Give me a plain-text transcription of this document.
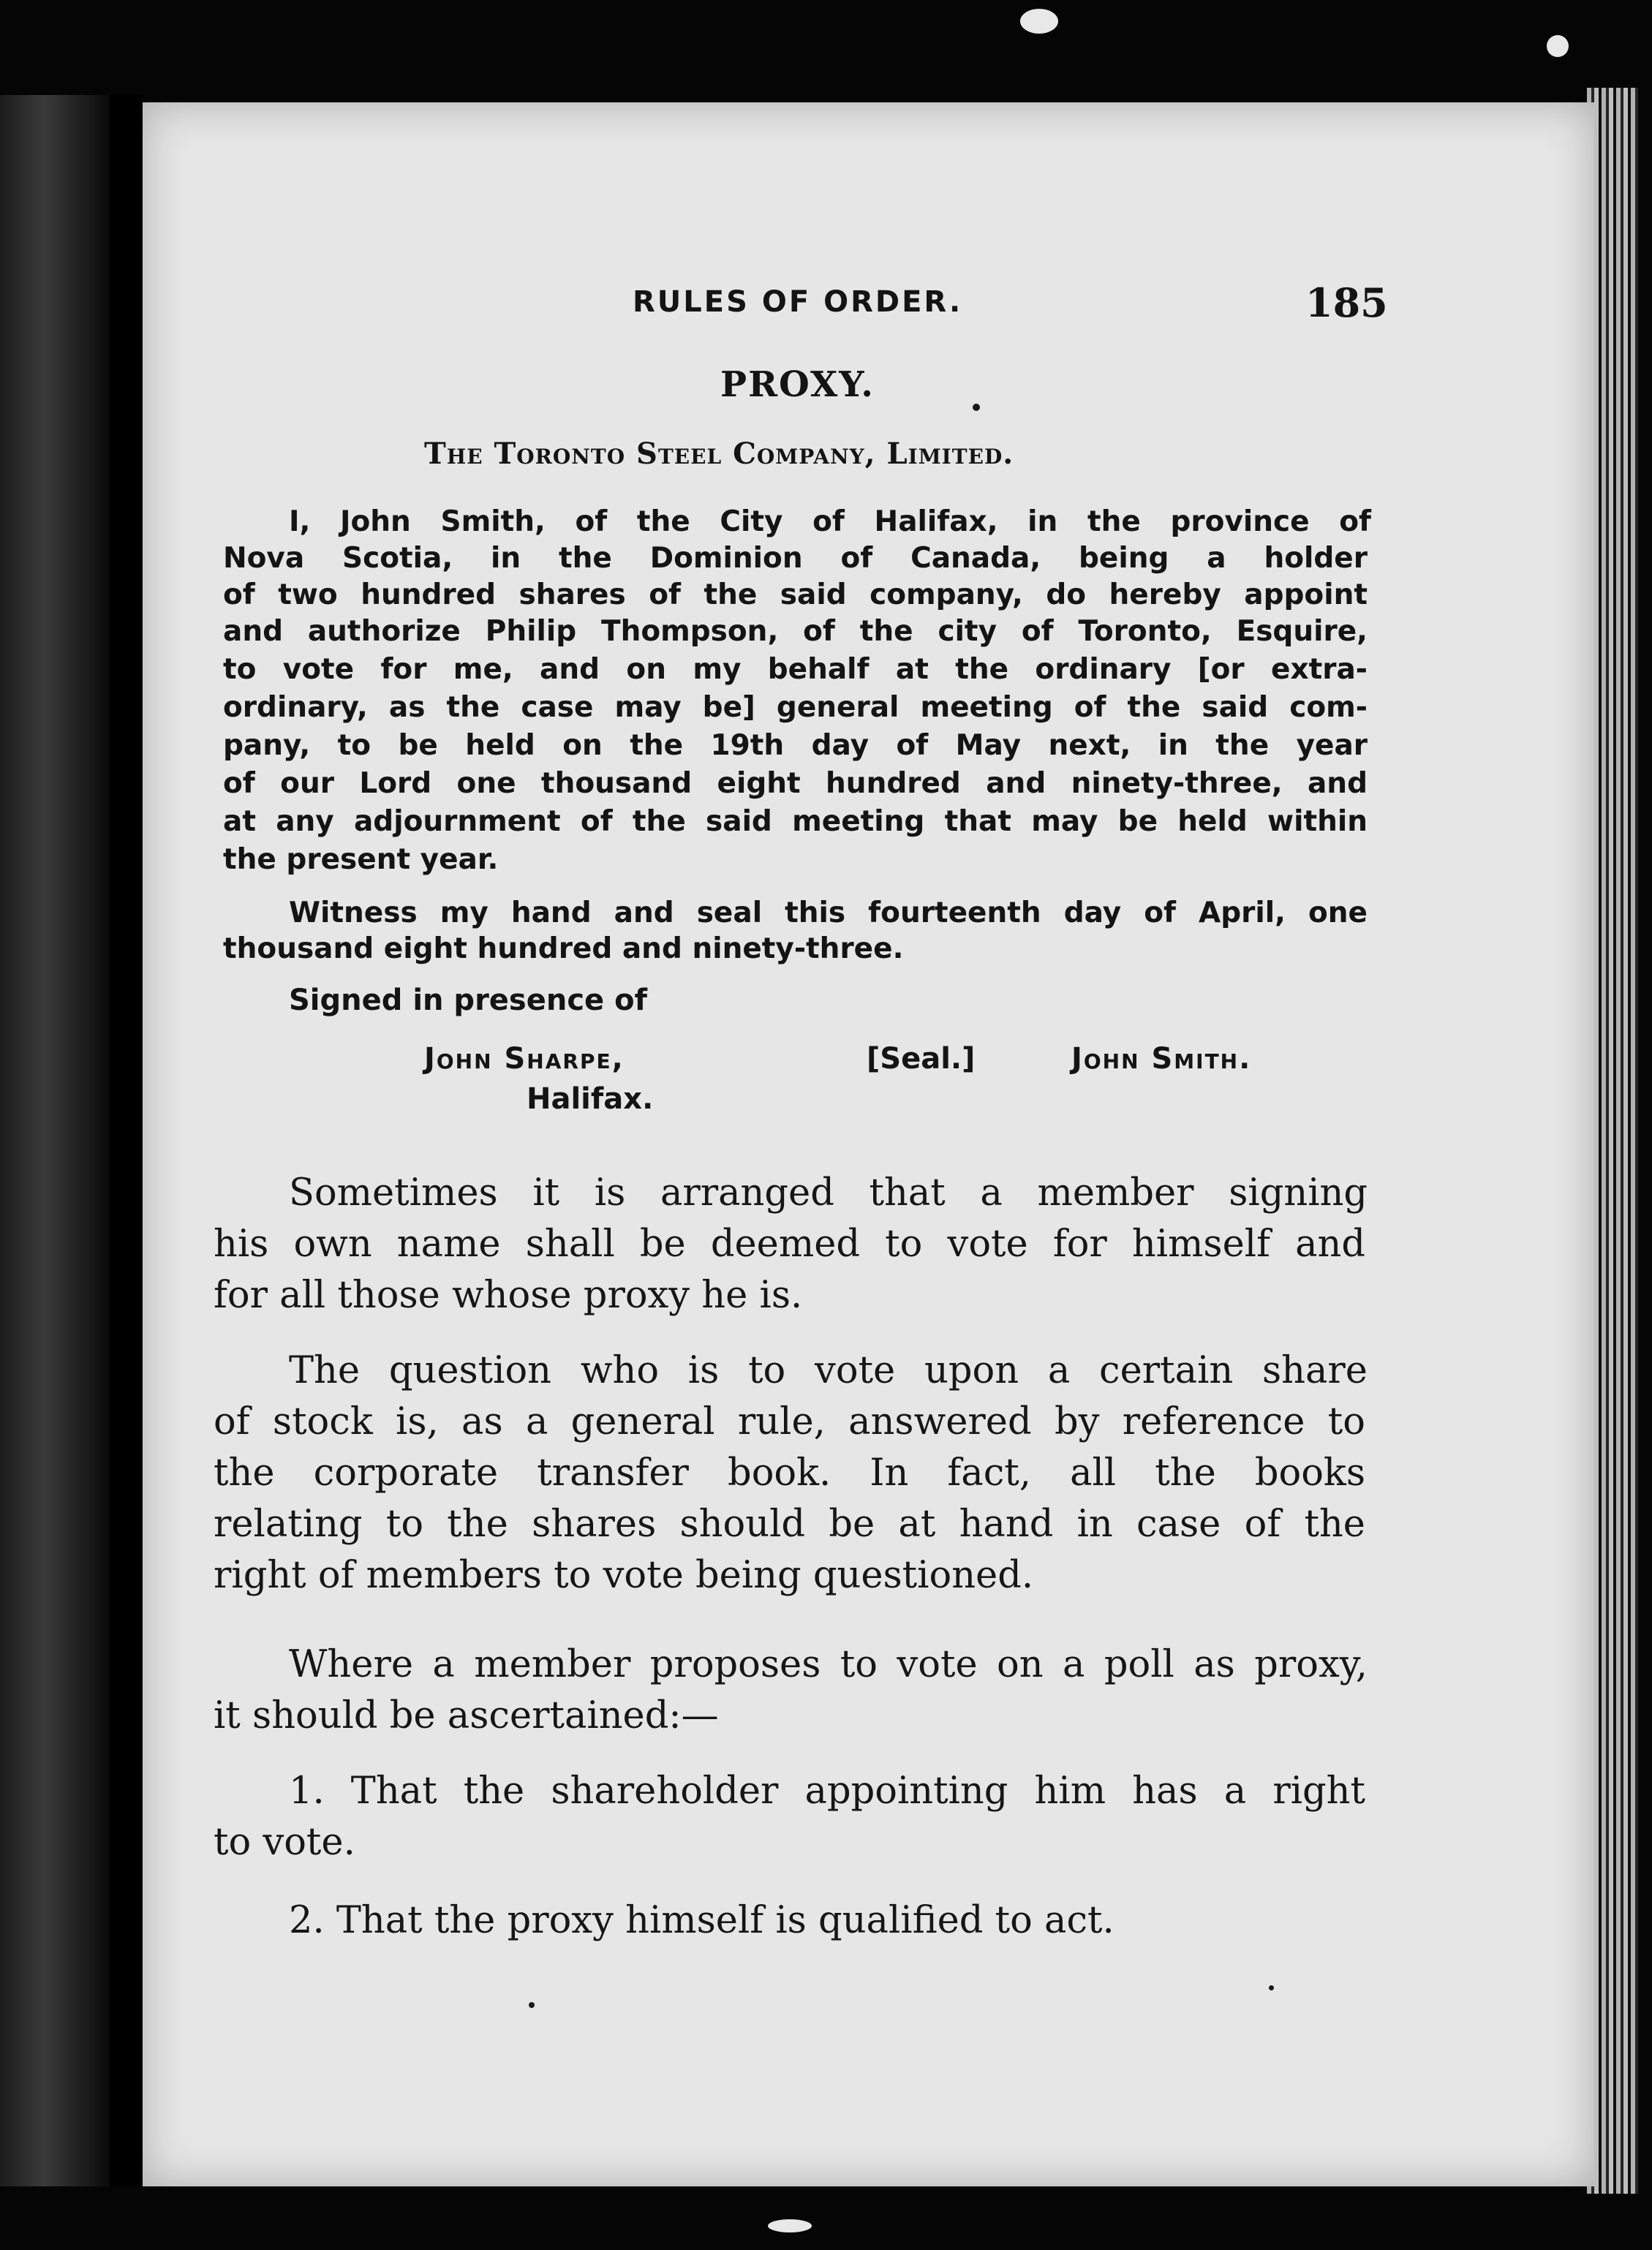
RULES OF ORDER.	185
PROXY.
The Toronto Steel Company, Limited.
I, John Smith, of the City of Halifax, in the province of
Nova Scotia, in the Dominion of Canada, being a holder
of two hundred shares of the said company, do hereby appoint
and authorize Philip Thompson, of the city of Toronto, Esquire,
to vote for me, and on my behalf at the ordinary [or extra-
ordinary, as the case may be] general meeting of the said com-
pany, to be held on the 19th day of May next, in the year
of our Lord one thousand eight hundred and ninety-three, and
at any adjournment of the said meeting that may be held within
the present year.
Witness my hand and seal this fourteenth day of April, one
thousand eight hundred and ninety-three.
Signed in presence of
John Sharpe,
Halifax.
[Seal.]	John Smith.
Sometimes it is arranged that a member signing
his own name shall be deemed to vote for himself and
for all those whose proxy he is.
The question who is to vote upon a certain share
of stock is, as a general rule, answered by reference to
the corporate transfer book. In fact, all the books
relating to the shares should be at hand in case of the
right of members to vote being questioned.
Where a member proposes to vote on a poll as proxy,
it should be ascertained:—
1. That the shareholder appointing him has a right
to vote.
2. That the proxy himself is qualified to act.
